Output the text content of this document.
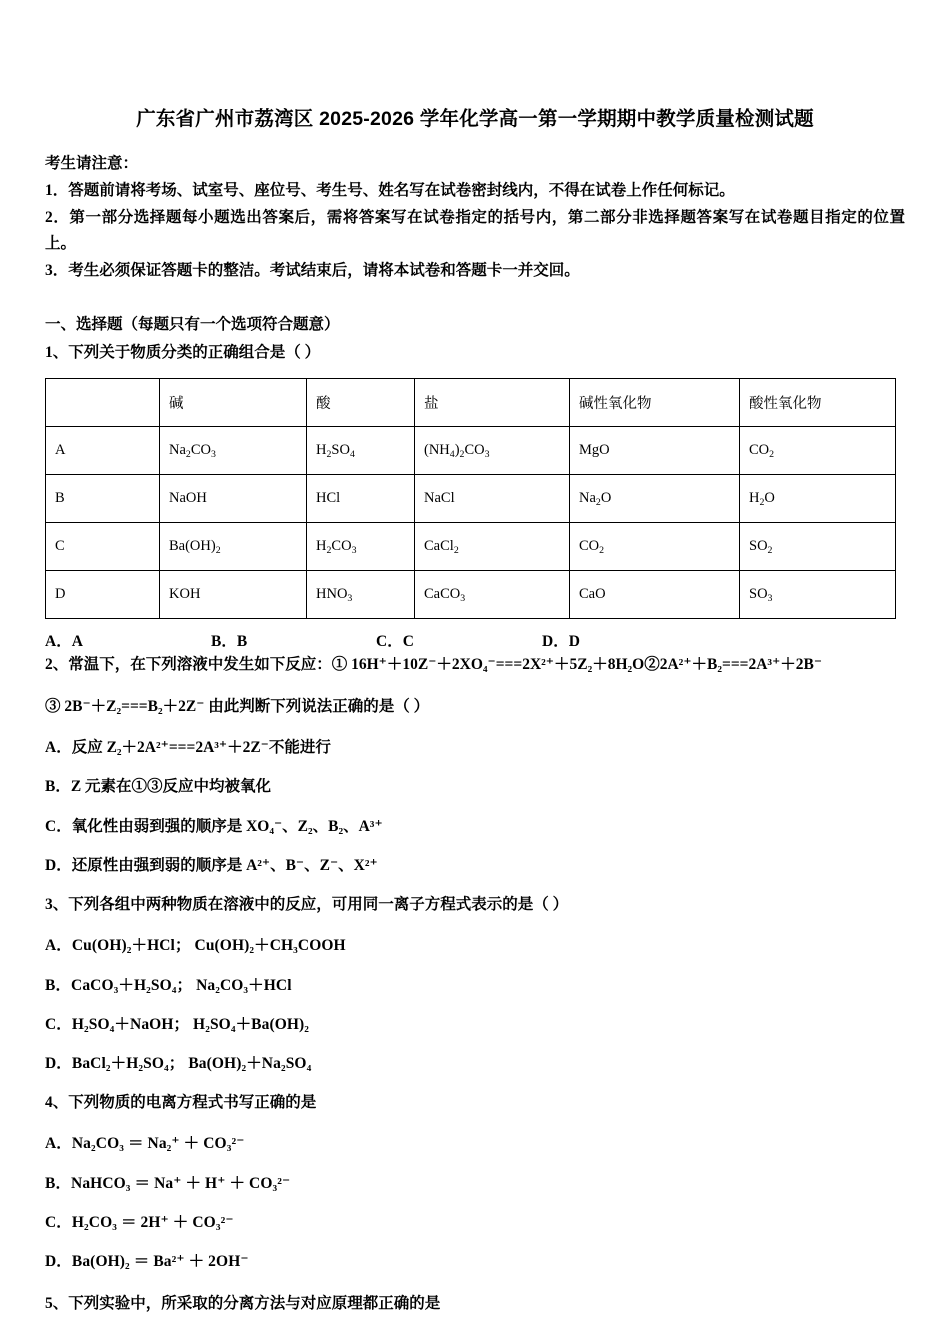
广东省广州市荔湾区 2025-2026 学年化学高一第一学期期中教学质量检测试题
考生请注意：
1．答题前请将考场、试室号、座位号、考生号、姓名写在试卷密封线内，不得在试卷上作任何标记。
2．第一部分选择题每小题选出答案后，需将答案写在试卷指定的括号内，第二部分非选择题答案写在试卷题目指定的位置上。
3．考生必须保证答题卡的整洁。考试结束后，请将本试卷和答题卡一并交回。
一、选择题（每题只有一个选项符合题意）
1、下列关于物质分类的正确组合是（ ）
	碱	酸	盐	碱性氧化物	酸性氧化物
A	$Na_2CO_3$	$H_2SO_4$	$(NH_4)_2CO_3$	MgO	$CO_2$
B	NaOH	HCl	NaCl	$Na_2O$	$H_2O$
C	$Ba(OH)_2$	$H_2CO_3$	CaCl$_2$	$CO_2$	$SO_2$
D	KOH	$HNO_3$	CaCO$_3$	CaO	$SO_3$
A．A	B．B	C．C	D．D
2、常温下，在下列溶液中发生如下反应：① 16H⁺＋10Z⁻＋2XO₄⁻===2X²⁺＋5Z₂＋8H₂O②2A²⁺＋B₂===2A³⁺＋2B⁻
③ 2B⁻＋Z₂===B₂＋2Z⁻ 由此判断下列说法正确的是（ ）
A．反应 Z₂＋2A²⁺===2A³⁺＋2Z⁻不能进行
B．Z 元素在①③反应中均被氧化
C．氧化性由弱到强的顺序是 XO₄⁻、Z₂、B₂、A³⁺
D．还原性由强到弱的顺序是 A²⁺、B⁻、Z⁻、X²⁺
3、下列各组中两种物质在溶液中的反应，可用同一离子方程式表示的是（ ）
A．Cu(OH)₂＋HCl； Cu(OH)₂＋CH₃COOH
B．CaCO₃＋H₂SO₄； Na₂CO₃＋HCl
C．H₂SO₄＋NaOH； H₂SO₄＋Ba(OH)₂
D．BaCl₂＋H₂SO₄； Ba(OH)₂＋Na₂SO₄
4、下列物质的电离方程式书写正确的是
A．Na₂CO₃ ＝ Na₂⁺ ＋ CO₃²⁻
B．NaHCO₃ ＝ Na⁺ ＋ H⁺ ＋ CO₃²⁻
C．H₂CO₃ ＝ 2H⁺ ＋ CO₃²⁻
D．Ba(OH)₂ ＝ Ba²⁺ ＋ 2OH⁻
5、下列实验中，所采取的分离方法与对应原理都正确的是
